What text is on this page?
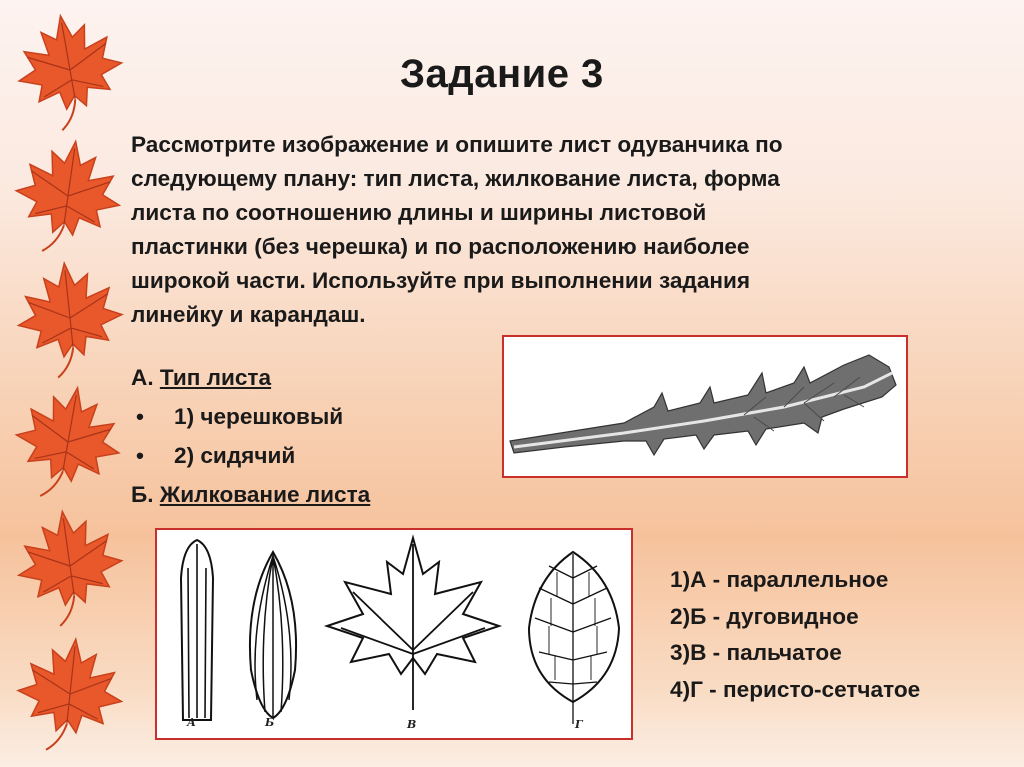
Задание 3
Рассмотрите изображение и опишите лист одуванчика по
следующему плану: тип листа, жилкование листа, форма
листа по соотношению длины и ширины листовой
пластинки (без черешка) и по расположению наиболее
широкой части. Используйте при выполнении задания
линейку и карандаш.
А. Тип листа
• 1) черешковый
• 2) сидячий
Б. Жилкование листа
А	Б	В	Г
1)А - параллельное
2)Б - дуговидное
3)В - пальчатое
4)Г - перисто-сетчатое
